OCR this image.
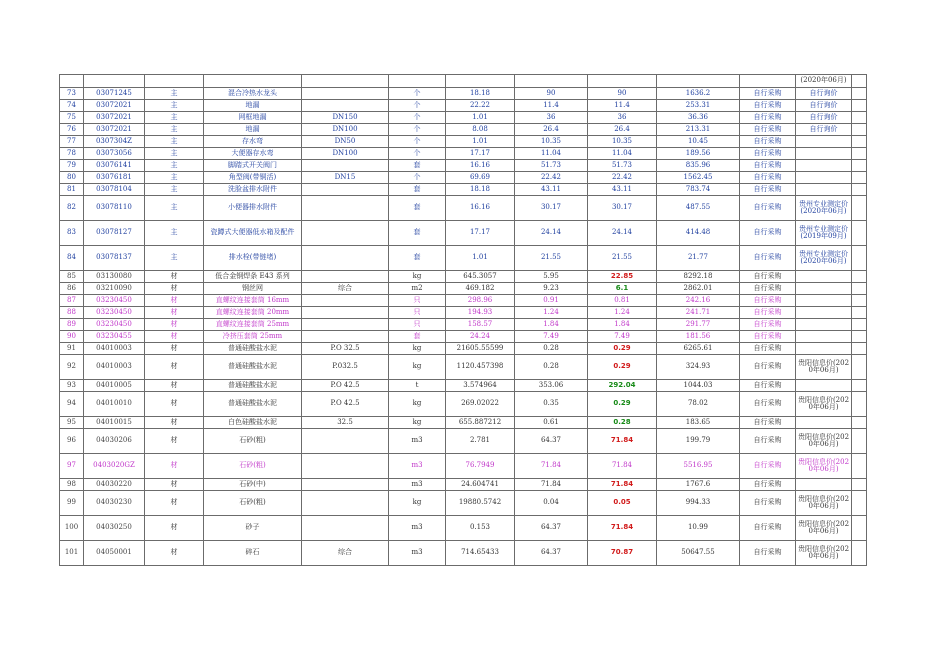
											(2020年06月)	
73	03071245	主	混合冷热水龙头		个	18.18	90	90	1636.2	自行采购	自行询价	
74	03072021	主	地漏		个	22.22	11.4	11.4	253.31	自行采购	自行询价	
75	03072021	主	网框地漏	DN150	个	1.01	36	36	36.36	自行采购	自行询价	
76	03072021	主	地漏	DN100	个	8.08	26.4	26.4	213.31	自行采购	自行询价	
77	0307304Z	主	存水弯	DN50	个	1.01	10.35	10.35	10.45	自行采购		
78	03073056	主	大便器存水弯	DN100	个	17.17	11.04	11.04	189.56	自行采购		
79	03076141	主	脚踏式开关阀门		套	16.16	51.73	51.73	835.96	自行采购		
80	03076181	主	角型阀(带铜活)	DN15	个	69.69	22.42	22.42	1562.45	自行采购		
81	03078104	主	洗脸盆排水附件		套	18.18	43.11	43.11	783.74	自行采购		
82	03078110	主	小便器排水附件		套	16.16	30.17	30.17	487.55	自行采购	贵州专业测定价(2020年06月)	
83	03078127	主	瓷蹲式大便器低水箱及配件		套	17.17	24.14	24.14	414.48	自行采购	贵州专业测定价(2019年09月)	
84	03078137	主	排水栓(带链堵)		套	1.01	21.55	21.55	21.77	自行采购	贵州专业测定价(2020年06月)	
85	03130080	材	低合金钢焊条 E43 系列		kg	645.3057	5.95	22.85	8292.18	自行采购		
86	03210090	材	钢丝网	综合	m2	469.182	9.23	6.1	2862.01	自行采购		
87	03230450	材	直螺纹连接套筒 16mm		只	298.96	0.91	0.81	242.16	自行采购		
88	03230450	材	直螺纹连接套筒 20mm		只	194.93	1.24	1.24	241.71	自行采购		
89	03230450	材	直螺纹连接套筒 25mm		只	158.57	1.84	1.84	291.77	自行采购		
90	03230455	材	冷挤压套筒 25mm		套	24.24	7.49	7.49	181.56	自行采购		
91	04010003	材	普通硅酸盐水泥	P.O 32.5	kg	21605.55599	0.28	0.29	6265.61	自行采购		
92	04010003	材	普通硅酸盐水泥	P.032.5	kg	1120.457398	0.28	0.29	324.93	自行采购	贵阳信息价(2020年06月)	
93	04010005	材	普通硅酸盐水泥	P.O 42.5	t	3.574964	353.06	292.04	1044.03	自行采购		
94	04010010	材	普通硅酸盐水泥	P.O 42.5	kg	269.02022	0.35	0.29	78.02	自行采购	贵阳信息价(2020年06月)	
95	04010015	材	白色硅酸盐水泥	32.5	kg	655.887212	0.61	0.28	183.65	自行采购		
96	04030206	材	石砂(粗)		m3	2.781	64.37	71.84	199.79	自行采购	贵阳信息价(2020年06月)	
97	0403020GZ	材	石砂(粗)		m3	76.7949	71.84	71.84	5516.95	自行采购	贵阳信息价(2020年06月)	
98	04030220	材	石砂(中)		m3	24.604741	71.84	71.84	1767.6	自行采购		
99	04030230	材	石砂(粗)		kg	19880.5742	0.04	0.05	994.33	自行采购	贵阳信息价(2020年06月)	
100	04030250	材	砂子		m3	0.153	64.37	71.84	10.99	自行采购	贵阳信息价(2020年06月)	
101	04050001	材	碎石	综合	m3	714.65433	64.37	70.87	50647.55	自行采购	贵阳信息价(2020年06月)	
